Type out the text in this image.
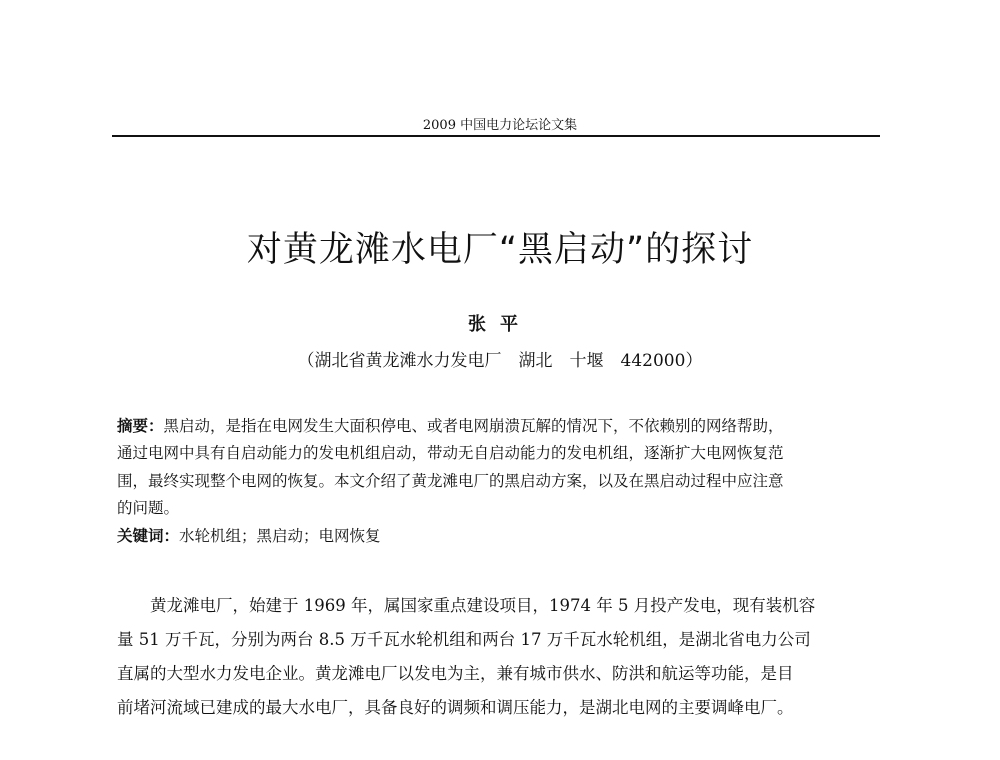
2009 中国电力论坛论文集
对黄龙滩水电厂“黑启动”的探讨
张平
（湖北省黄龙滩水力发电厂　湖北　十堰　442000）
摘要：黑启动，是指在电网发生大面积停电、或者电网崩溃瓦解的情况下，不依赖别的网络帮助，
通过电网中具有自启动能力的发电机组启动，带动无自启动能力的发电机组，逐渐扩大电网恢复范
围，最终实现整个电网的恢复。本文介绍了黄龙滩电厂的黑启动方案，以及在黑启动过程中应注意
的问题。
关键词：水轮机组；黑启动；电网恢复
　　黄龙滩电厂，始建于 1969 年，属国家重点建设项目，1974 年 5 月投产发电，现有装机容
量 51 万千瓦，分别为两台 8.5 万千瓦水轮机组和两台 17 万千瓦水轮机组，是湖北省电力公司
直属的大型水力发电企业。黄龙滩电厂以发电为主，兼有城市供水、防洪和航运等功能，是目
前堵河流域已建成的最大水电厂，具备良好的调频和调压能力，是湖北电网的主要调峰电厂。
